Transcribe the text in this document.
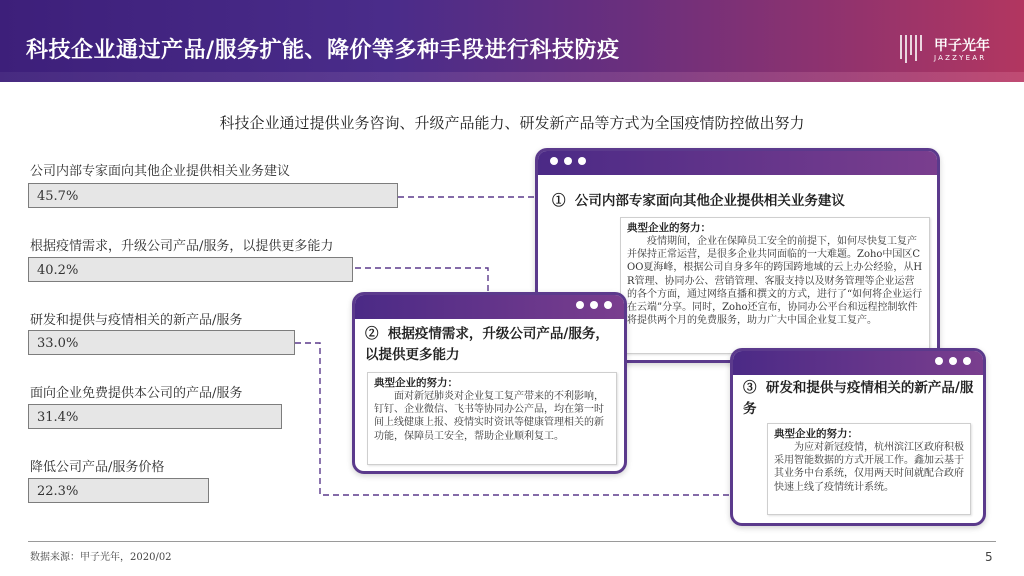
科技企业通过产品/服务扩能、降价等多种手段进行科技防疫	甲子光年
JAZZYEAR
科技企业通过提供业务咨询、升级产品能力、研发新产品等方式为全国疫情防控做出努力
公司内部专家面向其他企业提供相关业务建议
45.7%
根据疫情需求，升级公司产品/服务，以提供更多能力
40.2%
研发和提供与疫情相关的新产品/服务
33.0%
面向企业免费提供本公司的产品/服务
31.4%
降低公司产品/服务价格
22.3%
① 公司内部专家面向其他企业提供相关业务建议
典型企业的努力：
疫情期间，企业在保障员工安全的前提下，如何尽快复工复产并保持正常运营，是很多企业共同面临的一大难题。Zoho中国区COO夏海峰，根据公司自身多年的跨国跨地域的云上办公经验，从HR管理、协同办公、营销管理、客服支持以及财务管理等企业运营的各个方面，通过网络直播和撰文的方式，进行了“如何将企业运行在云端”分享。同时，Zoho还宣布，协同办公平台和远程控制软件将提供两个月的免费服务，助力广大中国企业复工复产。
② 根据疫情需求，升级公司产品/服务，以提供更多能力
典型企业的努力：
面对新冠肺炎对企业复工复产带来的不利影响，钉钉、企业微信、飞书等协同办公产品，均在第一时间上线健康上报、疫情实时资讯等健康管理相关的新功能，保障员工安全，帮助企业顺利复工。
③ 研发和提供与疫情相关的新产品/服务
典型企业的努力：
为应对新冠疫情，杭州滨江区政府积极采用智能数据的方式开展工作。鑫加云基于其业务中台系统，仅用两天时间就配合政府快速上线了疫情统计系统。
数据来源：甲子光年，2020/02	5
